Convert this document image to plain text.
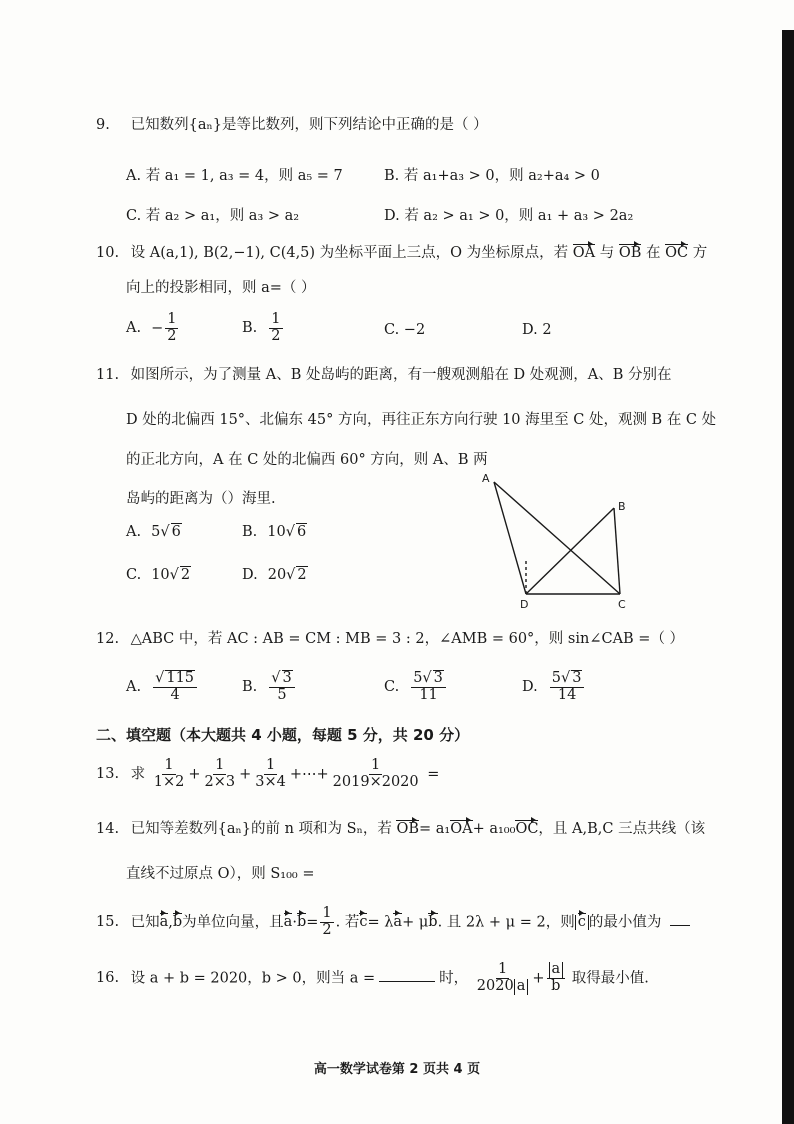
9. 已知数列{aₙ}是等比数列，则下列结论中正确的是（ ）
A. 若 a₁ = 1, a₃ = 4，则 a₅ = 7	B. 若 a₁+a₃ > 0，则 a₂+a₄ > 0
C. 若 a₂ > a₁，则 a₃ > a₂	D. 若 a₂ > a₁ > 0，则 a₁ + a₃ > 2a₂
10. 设 A(a,1), B(2,−1), C(4,5) 为坐标平面上三点，O 为坐标原点，若 OA 与 OB 在 OC 方
向上的投影相同，则 a=（ ）
A. − $\frac{1}{2}$	B. $\frac{1}{2}$	C. −2	D. 2
11. 如图所示，为了测量 A、B 处岛屿的距离，有一艘观测船在 D 处观测，A、B 分别在
D 处的北偏西 15°、北偏东 45° 方向，再往正东方向行驶 10 海里至 C 处，观测 B 在 C 处
的正北方向，A 在 C 处的北偏西 60° 方向，则 A、B 两
岛屿的距离为（）海里.
A. 5√ 6	B. 10√ 6
C. 10√ 2	D. 20√ 2
A
B
C
D
12. △ABC 中，若 AC : AB = CM : MB = 3 : 2，∠AMB = 60°，则 sin∠CAB =（ ）
A. $\frac{√ 115}{4}$	B. $\frac{√ 3}{5}$	C. $\frac{5√ 3}{11}$	D. $\frac{5√ 3}{14}$
二、填空题（本大题共 4 小题，每题 5 分，共 20 分）
13. 求 $\frac{1}{1\times 2} + \frac{1}{2\times 3} + \frac{1}{3\times 4}$ +⋯+ $\frac{1}{2019\times 2020}$ =
14. 已知等差数列{aₙ}的前 n 项和为 Sₙ，若 OB= a₁OA+ a₁₀₀OC，且 A,B,C 三点共线（该
直线不过原点 O），则 S₁₀₀ =
15. 已知a,b为单位向量，且$a\cdot b= \frac{1}{2}$ . 若c= λa+ μb. 且 2λ + μ = 2，则 c 的最小值为
16. 设 a + b = 2020，b > 0，则当 a =	时， $\frac{1}{2020 a} + \frac{a}{b}$ 取得最小值.
高一数学试卷第 2 页共 4 页
